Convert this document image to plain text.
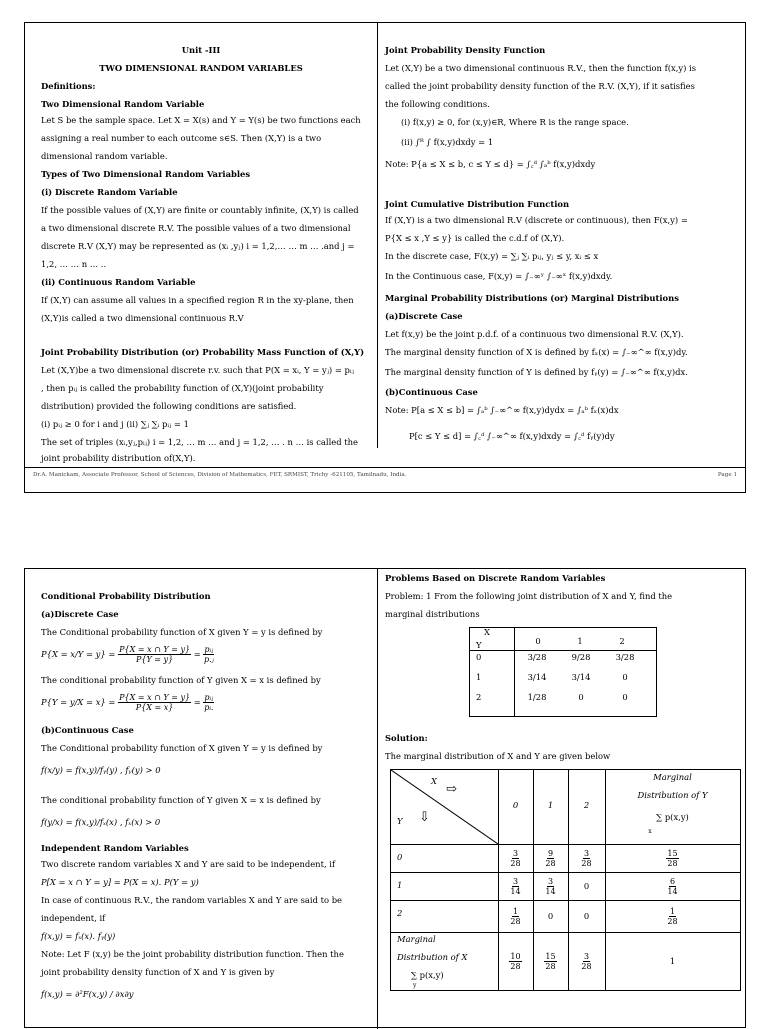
Unit -III
TWO DIMENSIONAL RANDOM VARIABLES
Definitions:
Two Dimensional Random Variable
Let S be the sample space. Let X = X(s) and Y = Y(s) be two functions each
assigning a real number to each outcome s∈S. Then (X,Y) is a two
dimensional random variable.
Types of Two Dimensional Random Variables
(i) Discrete Random Variable
If the possible values of (X,Y) are finite or countably infinite, (X,Y) is called
a two dimensional discrete R.V. The possible values of a two dimensional
discrete R.V (X,Y) may be represented as (xᵢ ,yⱼ) i = 1,2,… … m … .and j =
1,2, … … n … ..
(ii) Continuous Random Variable
If (X,Y) can assume all values in a specified region R in the xy-plane, then
(X,Y)is called a two dimensional continuous R.V
Joint Probability Distribution (or) Probability Mass Function of (X,Y)
Let (X,Y)be a two dimensional discrete r.v. such that P(X = xᵢ, Y = yⱼ) = pᵢⱼ
, then pᵢⱼ is called the probability function of (X,Y)(joint probability
distribution) provided the following conditions are satisfied.
(i) pᵢⱼ ≥ 0 for i and j (ii) ∑ⱼ ∑ᵢ pᵢⱼ = 1
The set of triples (xᵢ,yⱼ,pᵢⱼ) i = 1,2, … m … and j = 1,2, … . n … is called the
joint probability distribution of(X,Y).
Joint Probability Density Function
Let (X,Y) be a two dimensional continuous R.V., then the function f(x,y) is
called the joint probability density function of the R.V. (X,Y), if it satisfies
the following conditions.
(i) f(x,y) ≥ 0, for (x,y)∈R, Where R is the range space.
(ii) ∫ᴿ ∫ f(x,y)dxdy = 1
Note: P{a ≤ X ≤ b, c ≤ Y ≤ d} = ∫꜀ᵈ ∫ₐᵇ f(x,y)dxdy
Joint Cumulative Distribution Function
If (X,Y) is a two dimensional R.V (discrete or continuous), then F(x,y) =
P{X ≤ x ,Y ≤ y} is called the c.d.f of (X,Y).
In the discrete case, F(x,y) = ∑ⱼ ∑ᵢ pᵢⱼ, yⱼ ≤ y, xᵢ ≤ x
In the Continuous case, F(x,y) = ∫₋∞ʸ ∫₋∞ˣ f(x,y)dxdy.
Marginal Probability Distributions (or) Marginal Distributions
(a)Discrete Case
Let f(x,y) be the joint p.d.f. of a continuous two dimensional R.V. (X,Y).
The marginal density function of X is defined by fₓ(x) = ∫₋∞^∞ f(x,y)dy.
The marginal density function of Y is defined by fᵧ(y) = ∫₋∞^∞ f(x,y)dx.
(b)Continuous Case
Note: P[a ≤ X ≤ b] = ∫ₐᵇ ∫₋∞^∞ f(x,y)dydx = ∫ₐᵇ fₓ(x)dx
P[c ≤ Y ≤ d] = ∫꜀ᵈ ∫₋∞^∞ f(x,y)dxdy = ∫꜀ᵈ fᵧ(y)dy
Dr.A. Manickam, Associate Professor, School of Sciences, Division of Mathematics, FET, SRMIST, Trichy -621105, Tamilnadu, India.	Page 1
Conditional Probability Distribution
(a)Discrete Case
The Conditional probability function of X given Y = y is defined by
$P\{X = x/Y = y\} = \frac{P\{X = x \cap Y = y\}}{P\{Y = y\}} = \frac{\text{pᵢⱼ}}{\text{p.ⱼ}}$
The conditional probability function of Y given X = x is defined by
$P\{Y = y/X = x\} = \frac{P\{X = x \cap Y = y\}}{P\{X = x\}} = \frac{\text{pᵢⱼ}}{\text{pᵢ.}}$
(b)Continuous Case
The Conditional probability function of X given Y = y is defined by
f(x/y) = f(x,y)/fᵧ(y) , fᵧ(y) > 0
The conditional probability function of Y given X = x is defined by
f(y/x) = f(x,y)/fₓ(x) , fₓ(x) > 0
Independent Random Variables
Two discrete random variables X and Y are said to be independent, if
P[X = x ∩ Y = y] = P(X = x). P(Y = y)
In case of continuous R.V., the random variables X and Y are said to be
independent, if
f(x,y) = fₓ(x). fᵧ(y)
Note: Let F (x,y) be the joint probability distribution function. Then the
joint probability density function of X and Y is given by
f(x,y) = ∂²F(x,y) / ∂x∂y
Problems Based on Discrete Random Variables
Problem: 1 From the following joint distribution of X and Y, find the
marginal distributions
X
Y	0	1	2
0	3/28	9/28	3/28
1	3/14	3/14	0
2	1/28	0	0
Solution:
The marginal distribution of X and Y are given below
X
⇨
Y ⇩
0	1	2
Marginal
Distribution of Y
∑ p(x,y)
x
0	$\frac{3}{28}$	$\frac{9}{28}$	$\frac{3}{28}$	$\frac{15}{28}$
1	$\frac{3}{14}$	$\frac{3}{14}$	0	$\frac{6}{14}$
2	$\frac{1}{28}$	0	0	$\frac{1}{28}$
Marginal
Distribution of X
∑ p(x,y)
y
$\frac{10}{28}$	$\frac{15}{28}$	$\frac{3}{28}$	1
